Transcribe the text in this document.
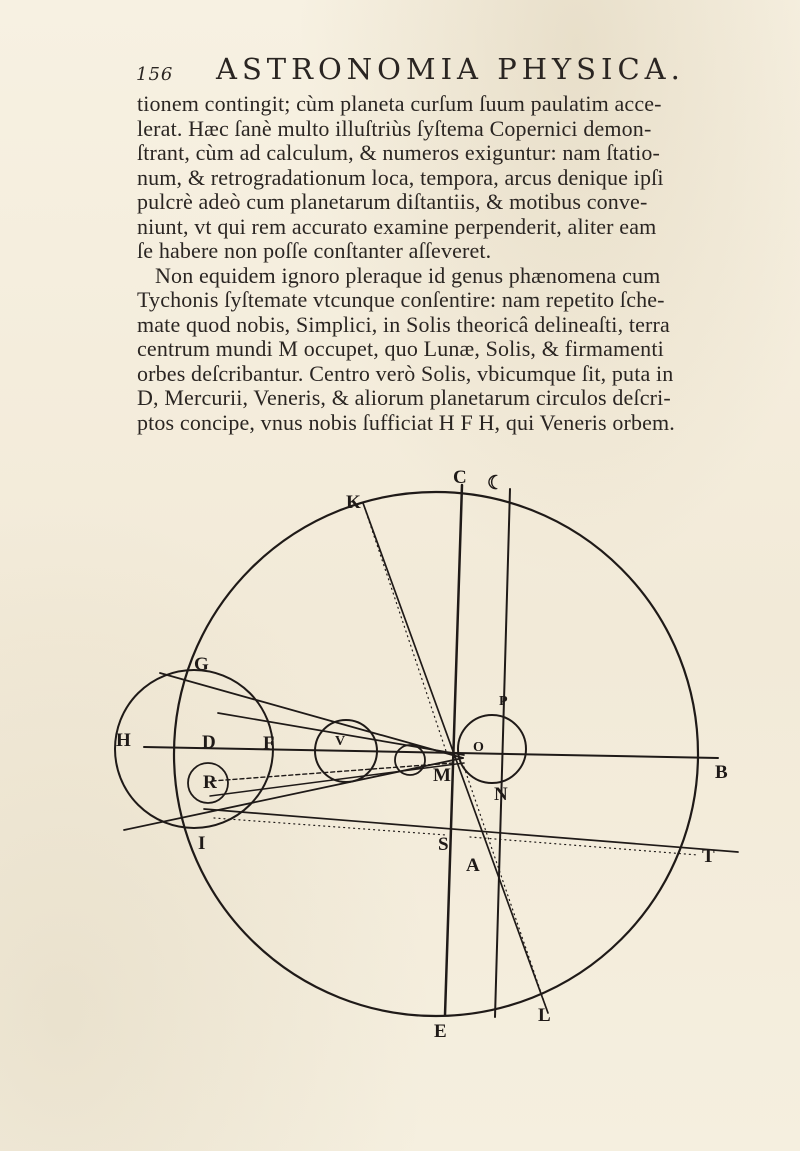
156 ASTRONOMIA PHYSICA.
tionem contingit; cùm planeta curſum ſuum paulatim acce-
lerat. Hæc ſanè multo illuſtriùs ſyſtema Copernici demon-
ſtrant, cùm ad calculum, & numeros exiguntur: nam ſtatio-
num, & retrogradationum loca, tempora, arcus denique ipſi
pulcrè adeò cum planetarum diſtantiis, & motibus conve-
niunt, vt qui rem accurato examine perpenderit, aliter eam
ſe habere non poſſe conſtanter aſſeveret.
Non equidem ignoro pleraque id genus phænomena cum
Tychonis ſyſtemate vtcunque conſentire: nam repetito ſche-
mate quod nobis, Simplici, in Solis theoricâ delineaſti, terra
centrum mundi M occupet, quo Lunæ, Solis, & firmamenti
orbes deſcribantur. Centro verò Solis, vbicumque ſit, puta in
D, Mercurii, Veneris, & aliorum planetarum circulos deſcri-
ptos concipe, vnus nobis ſufficiat H F H, qui Veneris orbem.
C ☾
K
G
H	D F	V
M
O
P
R
N
I	S
A
B
T
E
L
